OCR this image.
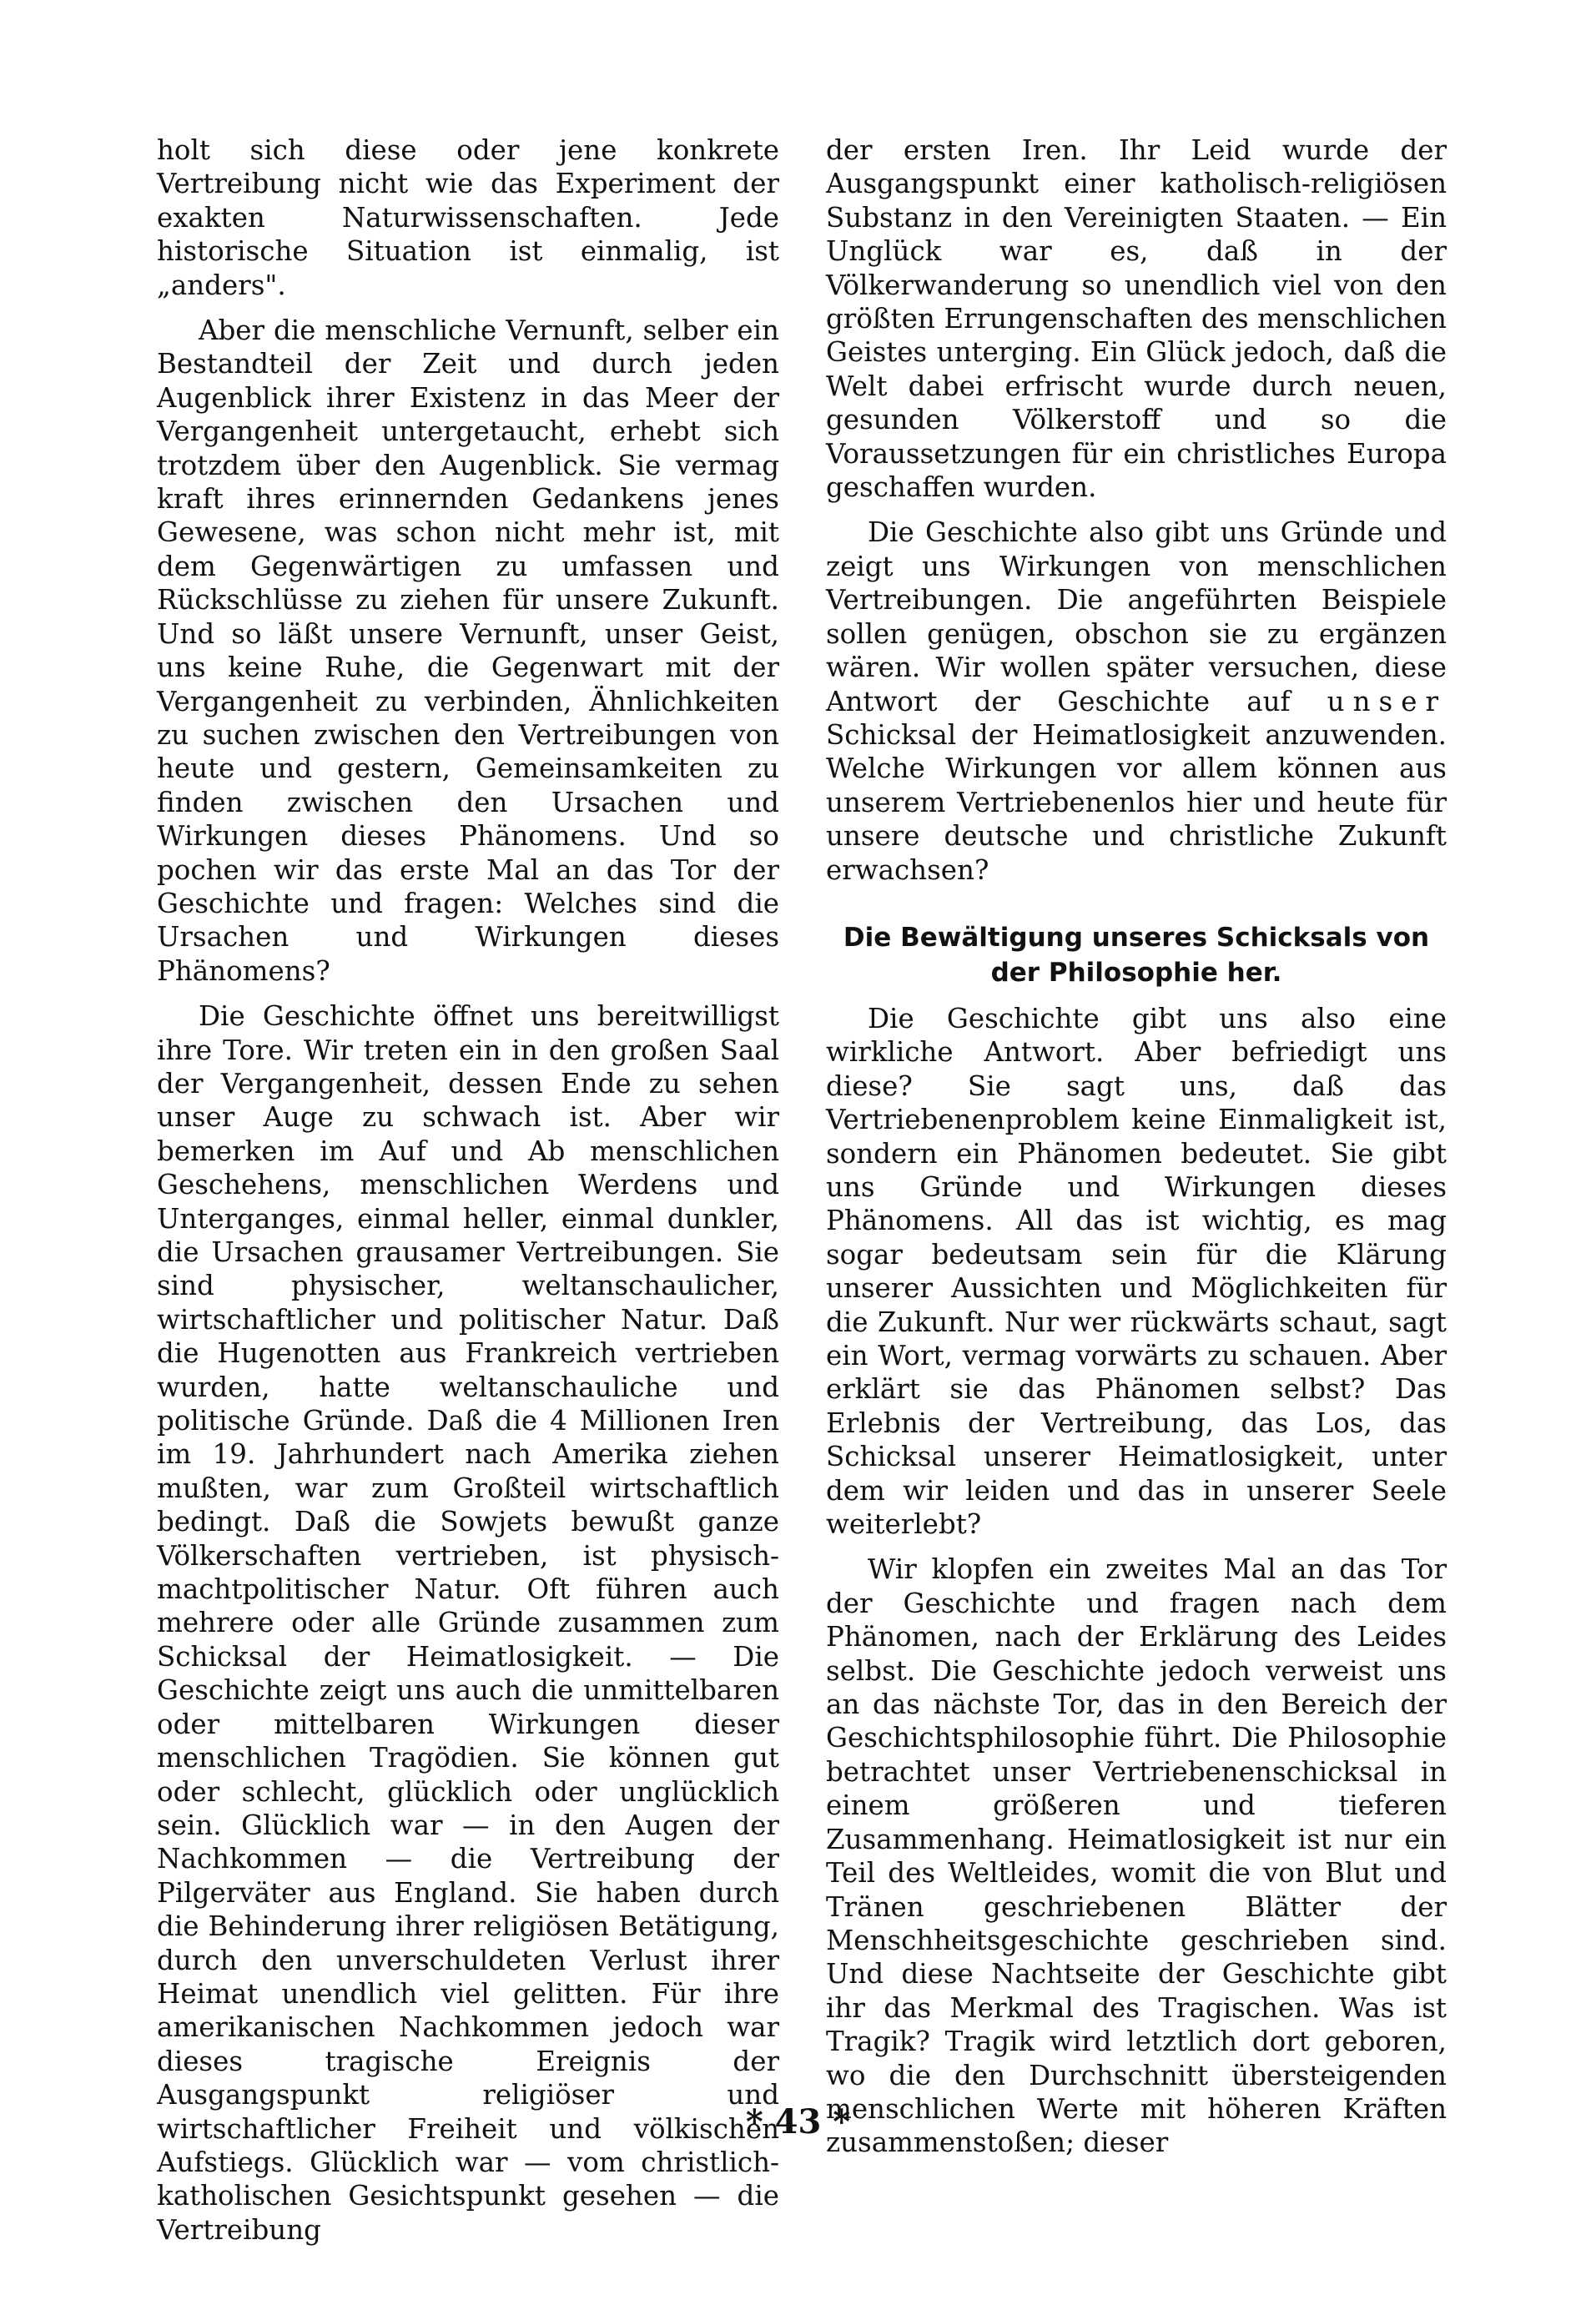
holt sich diese oder jene konkrete Vertreibung nicht wie das Experiment der exakten Naturwissenschaften. Jede historische Situation ist einmalig, ist „anders".

Aber die menschliche Vernunft, selber ein Bestandteil der Zeit und durch jeden Augenblick ihrer Existenz in das Meer der Vergangenheit untergetaucht, erhebt sich trotzdem über den Augenblick. Sie vermag kraft ihres erinnernden Gedankens jenes Gewesene, was schon nicht mehr ist, mit dem Gegenwärtigen zu umfassen und Rückschlüsse zu ziehen für unsere Zukunft. Und so läßt unsere Vernunft, unser Geist, uns keine Ruhe, die Gegenwart mit der Vergangenheit zu verbinden, Ähnlichkeiten zu suchen zwischen den Vertreibungen von heute und gestern, Gemeinsamkeiten zu finden zwischen den Ursachen und Wirkungen dieses Phänomens. Und so pochen wir das erste Mal an das Tor der Geschichte und fragen: Welches sind die Ursachen und Wirkungen dieses Phänomens?

Die Geschichte öffnet uns bereitwilligst ihre Tore. Wir treten ein in den großen Saal der Vergangenheit, dessen Ende zu sehen unser Auge zu schwach ist. Aber wir bemerken im Auf und Ab menschlichen Geschehens, menschlichen Werdens und Unterganges, einmal heller, einmal dunkler, die Ursachen grausamer Vertreibungen. Sie sind physischer, weltanschaulicher, wirtschaftlicher und politischer Natur. Daß die Hugenotten aus Frankreich vertrieben wurden, hatte weltanschauliche und politische Gründe. Daß die 4 Millionen Iren im 19. Jahrhundert nach Amerika ziehen mußten, war zum Großteil wirtschaftlich bedingt. Daß die Sowjets bewußt ganze Völkerschaften vertrieben, ist physisch-machtpolitischer Natur. Oft führen auch mehrere oder alle Gründe zusammen zum Schicksal der Heimatlosigkeit. — Die Geschichte zeigt uns auch die unmittelbaren oder mittelbaren Wirkungen dieser menschlichen Tragödien. Sie können gut oder schlecht, glücklich oder unglücklich sein. Glücklich war — in den Augen der Nachkommen — die Vertreibung der Pilgerväter aus England. Sie haben durch die Behinderung ihrer religiösen Betätigung, durch den unverschuldeten Verlust ihrer Heimat unendlich viel gelitten. Für ihre amerikanischen Nachkommen jedoch war dieses tragische Ereignis der Ausgangspunkt religiöser und wirtschaftlicher Freiheit und völkischen Aufstiegs. Glücklich war — vom christlich-katholischen Gesichtspunkt gesehen — die Vertreibung

der ersten Iren. Ihr Leid wurde der Ausgangspunkt einer katholisch-religiösen Substanz in den Vereinigten Staaten. — Ein Unglück war es, daß in der Völkerwanderung so unendlich viel von den größten Errungenschaften des menschlichen Geistes unterging. Ein Glück jedoch, daß die Welt dabei erfrischt wurde durch neuen, gesunden Völkerstoff und so die Voraussetzungen für ein christliches Europa geschaffen wurden.

Die Geschichte also gibt uns Gründe und zeigt uns Wirkungen von menschlichen Vertreibungen. Die angeführten Beispiele sollen genügen, obschon sie zu ergänzen wären. Wir wollen später versuchen, diese Antwort der Geschichte auf unser Schicksal der Heimatlosigkeit anzuwenden. Welche Wirkungen vor allem können aus unserem Vertriebenenlos hier und heute für unsere deutsche und christliche Zukunft erwachsen?

Die Bewältigung unseres Schicksals von der Philosophie her.

Die Geschichte gibt uns also eine wirkliche Antwort. Aber befriedigt uns diese? Sie sagt uns, daß das Vertriebenenproblem keine Einmaligkeit ist, sondern ein Phänomen bedeutet. Sie gibt uns Gründe und Wirkungen dieses Phänomens. All das ist wichtig, es mag sogar bedeutsam sein für die Klärung unserer Aussichten und Möglichkeiten für die Zukunft. Nur wer rückwärts schaut, sagt ein Wort, vermag vorwärts zu schauen. Aber erklärt sie das Phänomen selbst? Das Erlebnis der Vertreibung, das Los, das Schicksal unserer Heimatlosigkeit, unter dem wir leiden und das in unserer Seele weiterlebt?

Wir klopfen ein zweites Mal an das Tor der Geschichte und fragen nach dem Phänomen, nach der Erklärung des Leides selbst. Die Geschichte jedoch verweist uns an das nächste Tor, das in den Bereich der Geschichtsphilosophie führt. Die Philosophie betrachtet unser Vertriebenenschicksal in einem größeren und tieferen Zusammenhang. Heimatlosigkeit ist nur ein Teil des Weltleides, womit die von Blut und Tränen geschriebenen Blätter der Menschheitsgeschichte geschrieben sind. Und diese Nachtseite der Geschichte gibt ihr das Merkmal des Tragischen. Was ist Tragik? Tragik wird letztlich dort geboren, wo die den Durchschnitt übersteigenden menschlichen Werte mit höheren Kräften zusammenstoßen; dieser

* 43 *
